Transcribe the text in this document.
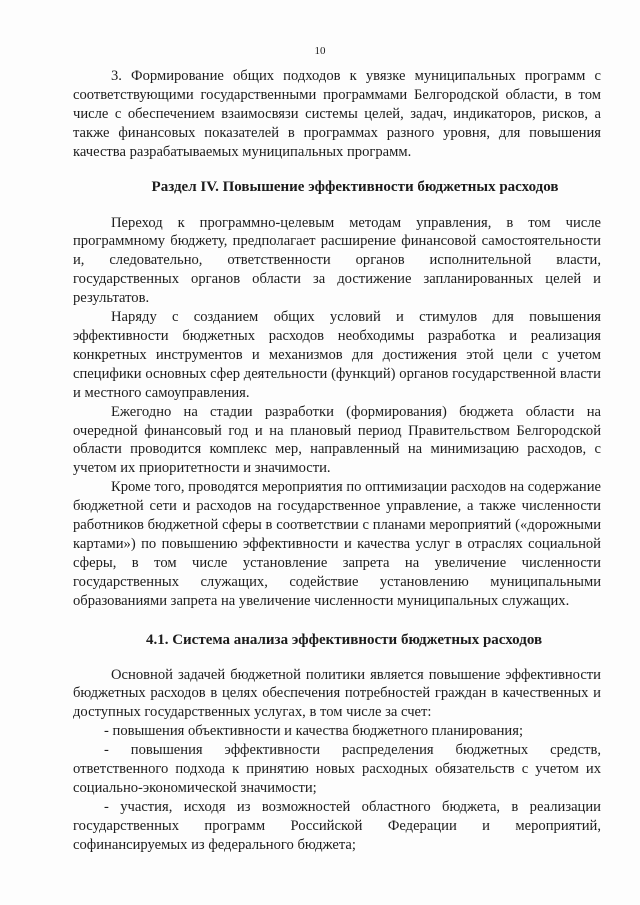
10

3. Формирование общих подходов к увязке муниципальных программ с соответствующими государственными программами Белгородской области, в том числе с обеспечением взаимосвязи системы целей, задач, индикаторов, рисков, а также финансовых показателей в программах разного уровня, для повышения качества разрабатываемых муниципальных программ.

Раздел IV. Повышение эффективности бюджетных расходов

Переход к программно-целевым методам управления, в том числе программному бюджету, предполагает расширение финансовой самостоятельности и, следовательно, ответственности органов исполнительной власти, государственных органов области за достижение запланированных целей и результатов.

Наряду с созданием общих условий и стимулов для повышения эффективности бюджетных расходов необходимы разработка и реализация конкретных инструментов и механизмов для достижения этой цели с учетом специфики основных сфер деятельности (функций) органов государственной власти и местного самоуправления.

Ежегодно на стадии разработки (формирования) бюджета области на очередной финансовый год и на плановый период Правительством Белгородской области проводится комплекс мер, направленный на минимизацию расходов, с учетом их приоритетности и значимости.

Кроме того, проводятся мероприятия по оптимизации расходов на содержание бюджетной сети и расходов на государственное управление, а также численности работников бюджетной сферы в соответствии с планами мероприятий («дорожными картами») по повышению эффективности и качества услуг в отраслях социальной сферы, в том числе установление запрета на увеличение численности государственных служащих, содействие установлению муниципальными образованиями запрета на увеличение численности муниципальных служащих.

4.1. Система анализа эффективности бюджетных расходов

Основной задачей бюджетной политики является повышение эффективности бюджетных расходов в целях обеспечения потребностей граждан в качественных и доступных государственных услугах, в том числе за счет:

- повышения объективности и качества бюджетного планирования;

- повышения эффективности распределения бюджетных средств, ответственного подхода к принятию новых расходных обязательств с учетом их социально-экономической значимости;

- участия, исходя из возможностей областного бюджета, в реализации государственных программ Российской Федерации и мероприятий, софинансируемых из федерального бюджета;
